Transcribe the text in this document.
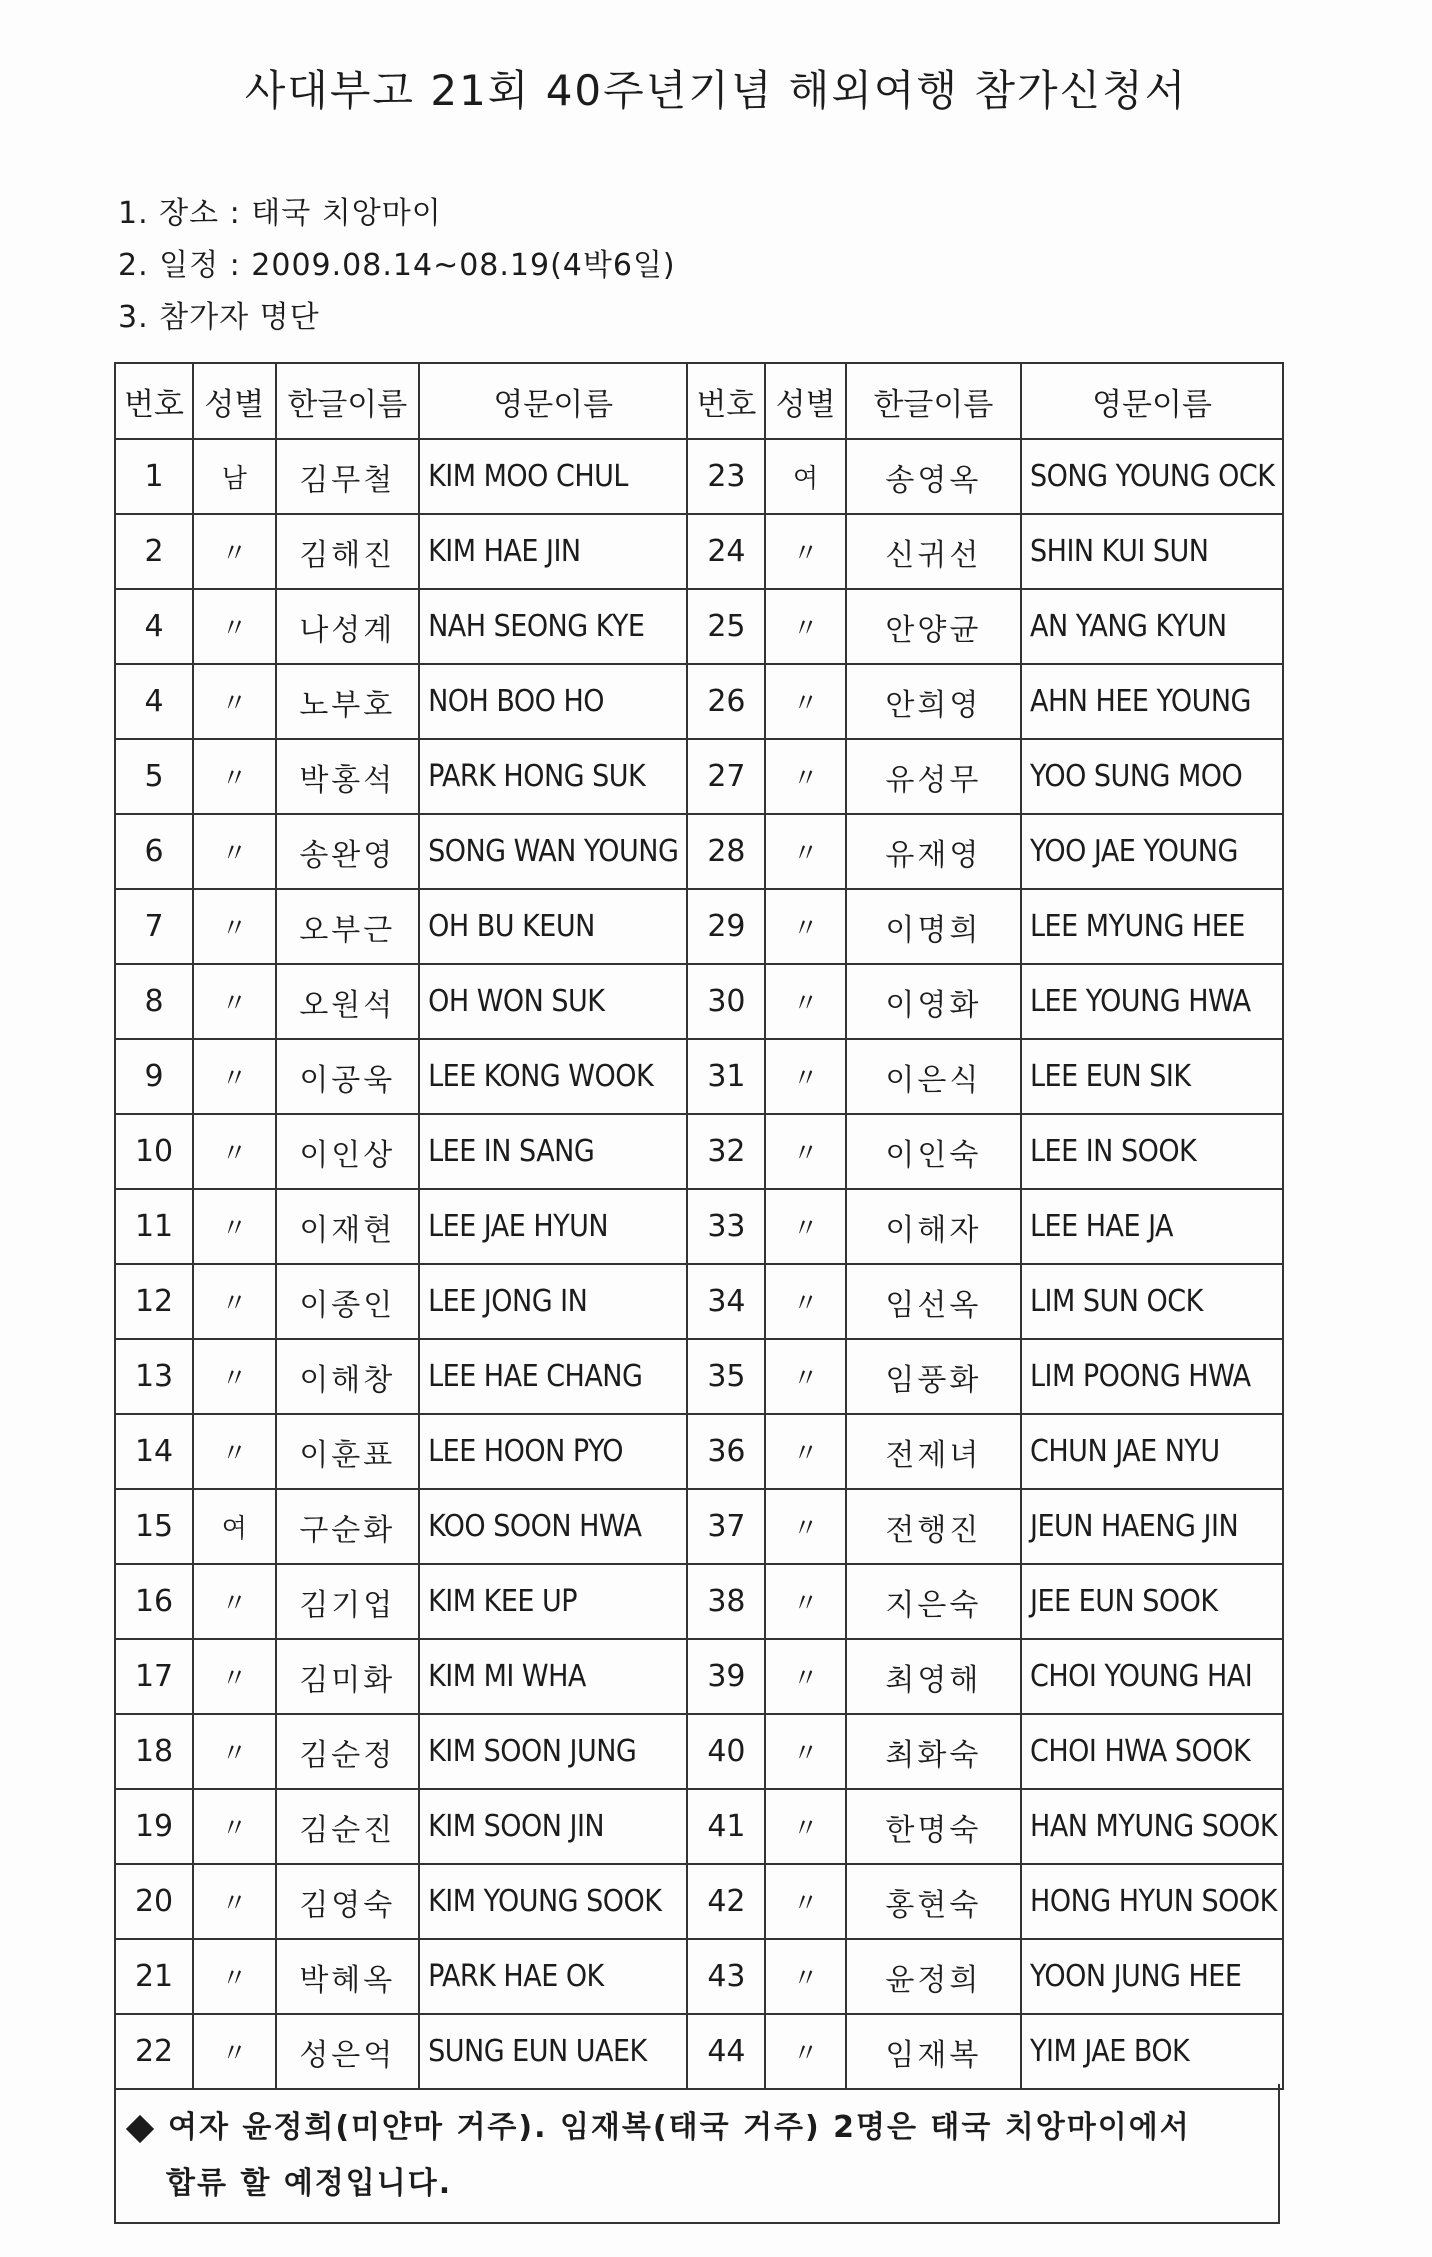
사대부고 21회 40주년기념 해외여행 참가신청서
1. 장소 : 태국 치앙마이
2. 일정 : 2009.08.14~08.19(4박6일)
3. 참가자 명단
번호	성별	한글이름	영문이름	번호	성별	한글이름	영문이름
1	남	김무철	KIM MOO CHUL	23	여	송영옥	SONG YOUNG OCK
2	〃	김해진	KIM HAE JIN	24	〃	신귀선	SHIN KUI SUN
4	〃	나성계	NAH SEONG KYE	25	〃	안양균	AN YANG KYUN
4	〃	노부호	NOH BOO HO	26	〃	안희영	AHN HEE YOUNG
5	〃	박홍석	PARK HONG SUK	27	〃	유성무	YOO SUNG MOO
6	〃	송완영	SONG WAN YOUNG	28	〃	유재영	YOO JAE YOUNG
7	〃	오부근	OH BU KEUN	29	〃	이명희	LEE MYUNG HEE
8	〃	오원석	OH WON SUK	30	〃	이영화	LEE YOUNG HWA
9	〃	이공욱	LEE KONG WOOK	31	〃	이은식	LEE EUN SIK
10	〃	이인상	LEE IN SANG	32	〃	이인숙	LEE IN SOOK
11	〃	이재현	LEE JAE HYUN	33	〃	이해자	LEE HAE JA
12	〃	이종인	LEE JONG IN	34	〃	임선옥	LIM SUN OCK
13	〃	이해창	LEE HAE CHANG	35	〃	임풍화	LIM POONG HWA
14	〃	이훈표	LEE HOON PYO	36	〃	전제녀	CHUN JAE NYU
15	여	구순화	KOO SOON HWA	37	〃	전행진	JEUN HAENG JIN
16	〃	김기업	KIM KEE UP	38	〃	지은숙	JEE EUN SOOK
17	〃	김미화	KIM MI WHA	39	〃	최영해	CHOI YOUNG HAI
18	〃	김순정	KIM SOON JUNG	40	〃	최화숙	CHOI HWA SOOK
19	〃	김순진	KIM SOON JIN	41	〃	한명숙	HAN MYUNG SOOK
20	〃	김영숙	KIM YOUNG SOOK	42	〃	홍현숙	HONG HYUN SOOK
21	〃	박혜옥	PARK HAE OK	43	〃	윤정희	YOON JUNG HEE
22	〃	성은억	SUNG EUN UAEK	44	〃	임재복	YIM JAE BOK
여자 윤정희(미얀마 거주). 임재복(태국 거주) 2명은 태국 치앙마이에서
합류 할 예정입니다.
